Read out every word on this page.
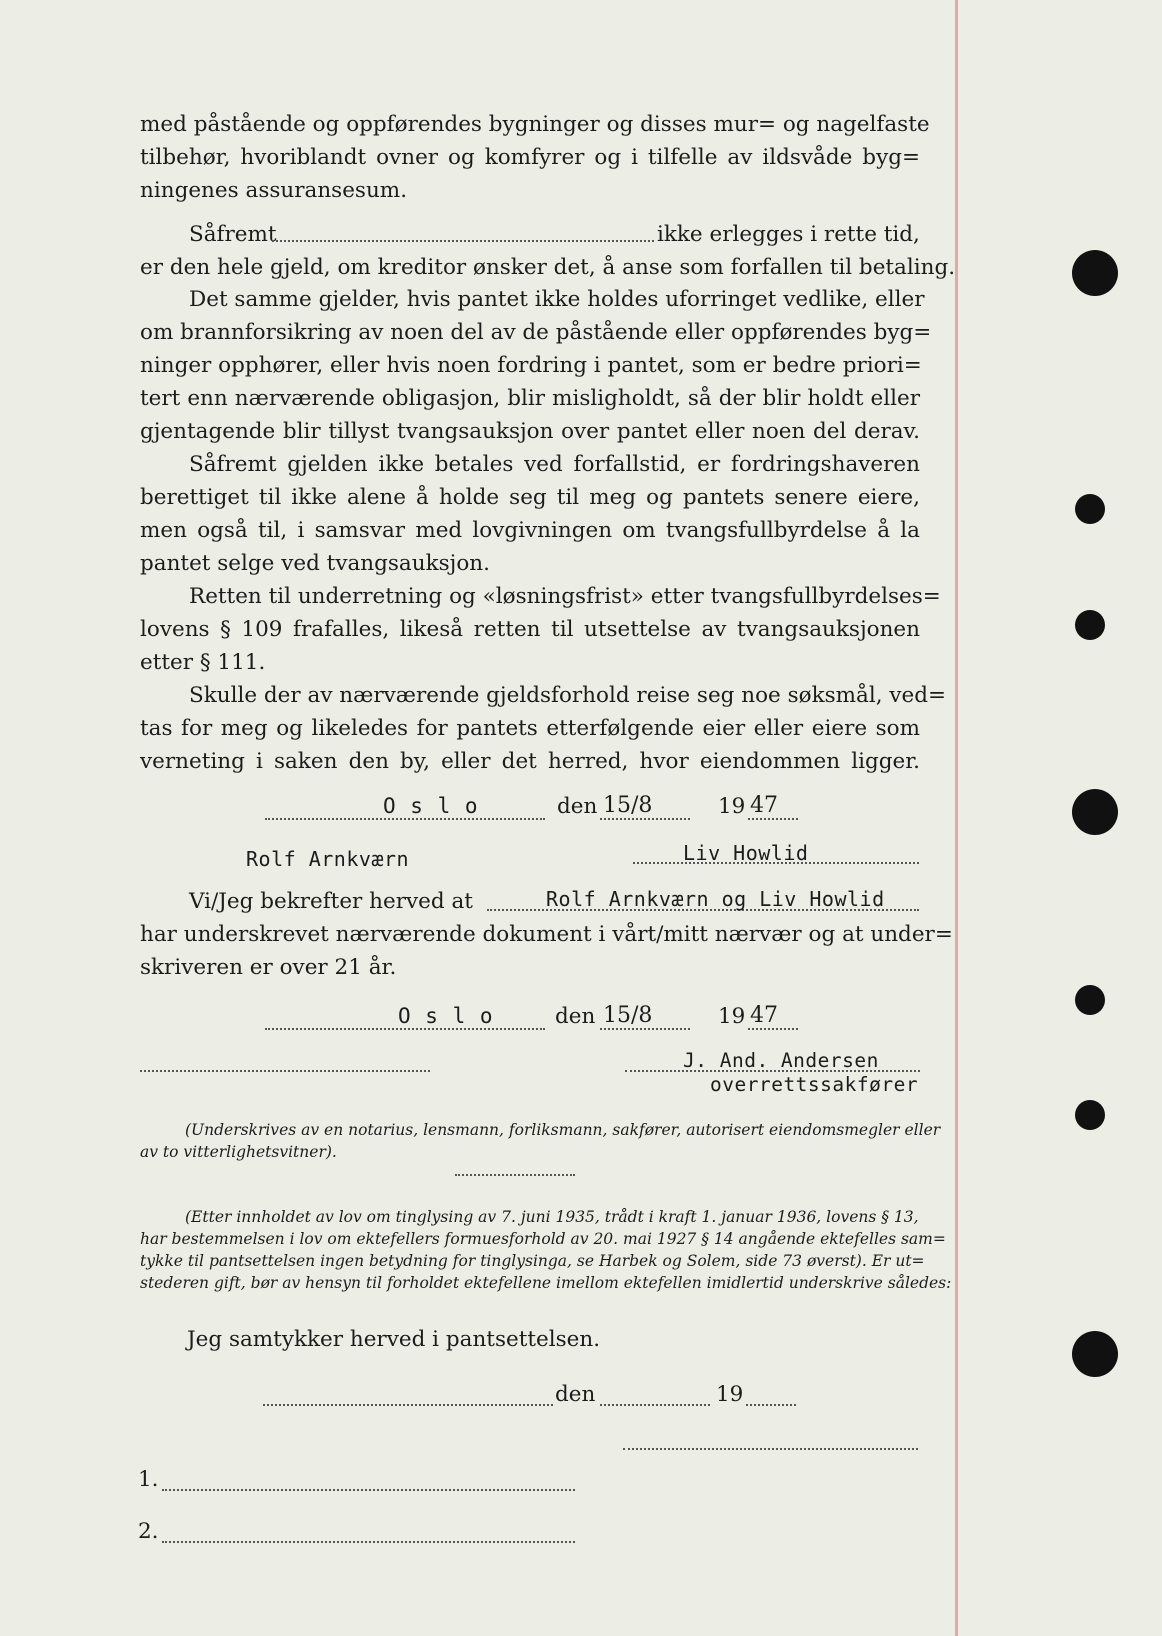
med påstående og oppførendes bygninger og disses mur= og nagelfaste
tilbehør, hvoriblandt ovner og komfyrer og i tilfelle av ildsvåde byg=
ningenes assuransesum.
Såfremt	ikke erlegges i rette tid,
er den hele gjeld, om kreditor ønsker det, å anse som forfallen til betaling.
Det samme gjelder, hvis pantet ikke holdes uforringet vedlike, eller
om brannforsikring av noen del av de påstående eller oppførendes byg=
ninger opphører, eller hvis noen fordring i pantet, som er bedre priori=
tert enn nærværende obligasjon, blir misligholdt, så der blir holdt eller
gjentagende blir tillyst tvangsauksjon over pantet eller noen del derav.
Såfremt gjelden ikke betales ved forfallstid, er fordringshaveren
berettiget til ikke alene å holde seg til meg og pantets senere eiere,
men også til, i samsvar med lovgivningen om tvangsfullbyrdelse å la
pantet selge ved tvangsauksjon.
Retten til underretning og «løsningsfrist» etter tvangsfullbyrdelses=
lovens § 109 frafalles, likeså retten til utsettelse av tvangsauksjonen
etter § 111.
Skulle der av nærværende gjeldsforhold reise seg noe søksmål, ved=
tas for meg og likeledes for pantets etterfølgende eier eller eiere som
verneting i saken den by, eller det herred, hvor eiendommen ligger.
O s l o	den 15/8	19 47
Rolf Arnkværn	Liv Howlid
Vi/Jeg bekrefter herved at	Rolf Arnkværn og Liv Howlid
har underskrevet nærværende dokument i vårt/mitt nærvær og at under=
skriveren er over 21 år.
O s l o	den 15/8	19 47
J. And. Andersen
overrettssakfører
(Underskrives av en notarius, lensmann, forliksmann, sakfører, autorisert eiendomsmegler eller
av to vitterlighetsvitner).
(Etter innholdet av lov om tinglysing av 7. juni 1935, trådt i kraft 1. januar 1936, lovens § 13,
har bestemmelsen i lov om ektefellers formuesforhold av 20. mai 1927 § 14 angående ektefelles sam=
tykke til pantsettelsen ingen betydning for tinglysinga, se Harbek og Solem, side 73 øverst). Er ut=
stederen gift, bør av hensyn til forholdet ektefellene imellom ektefellen imidlertid underskrive således:
Jeg samtykker herved i pantsettelsen.
den	19
1.
2.
